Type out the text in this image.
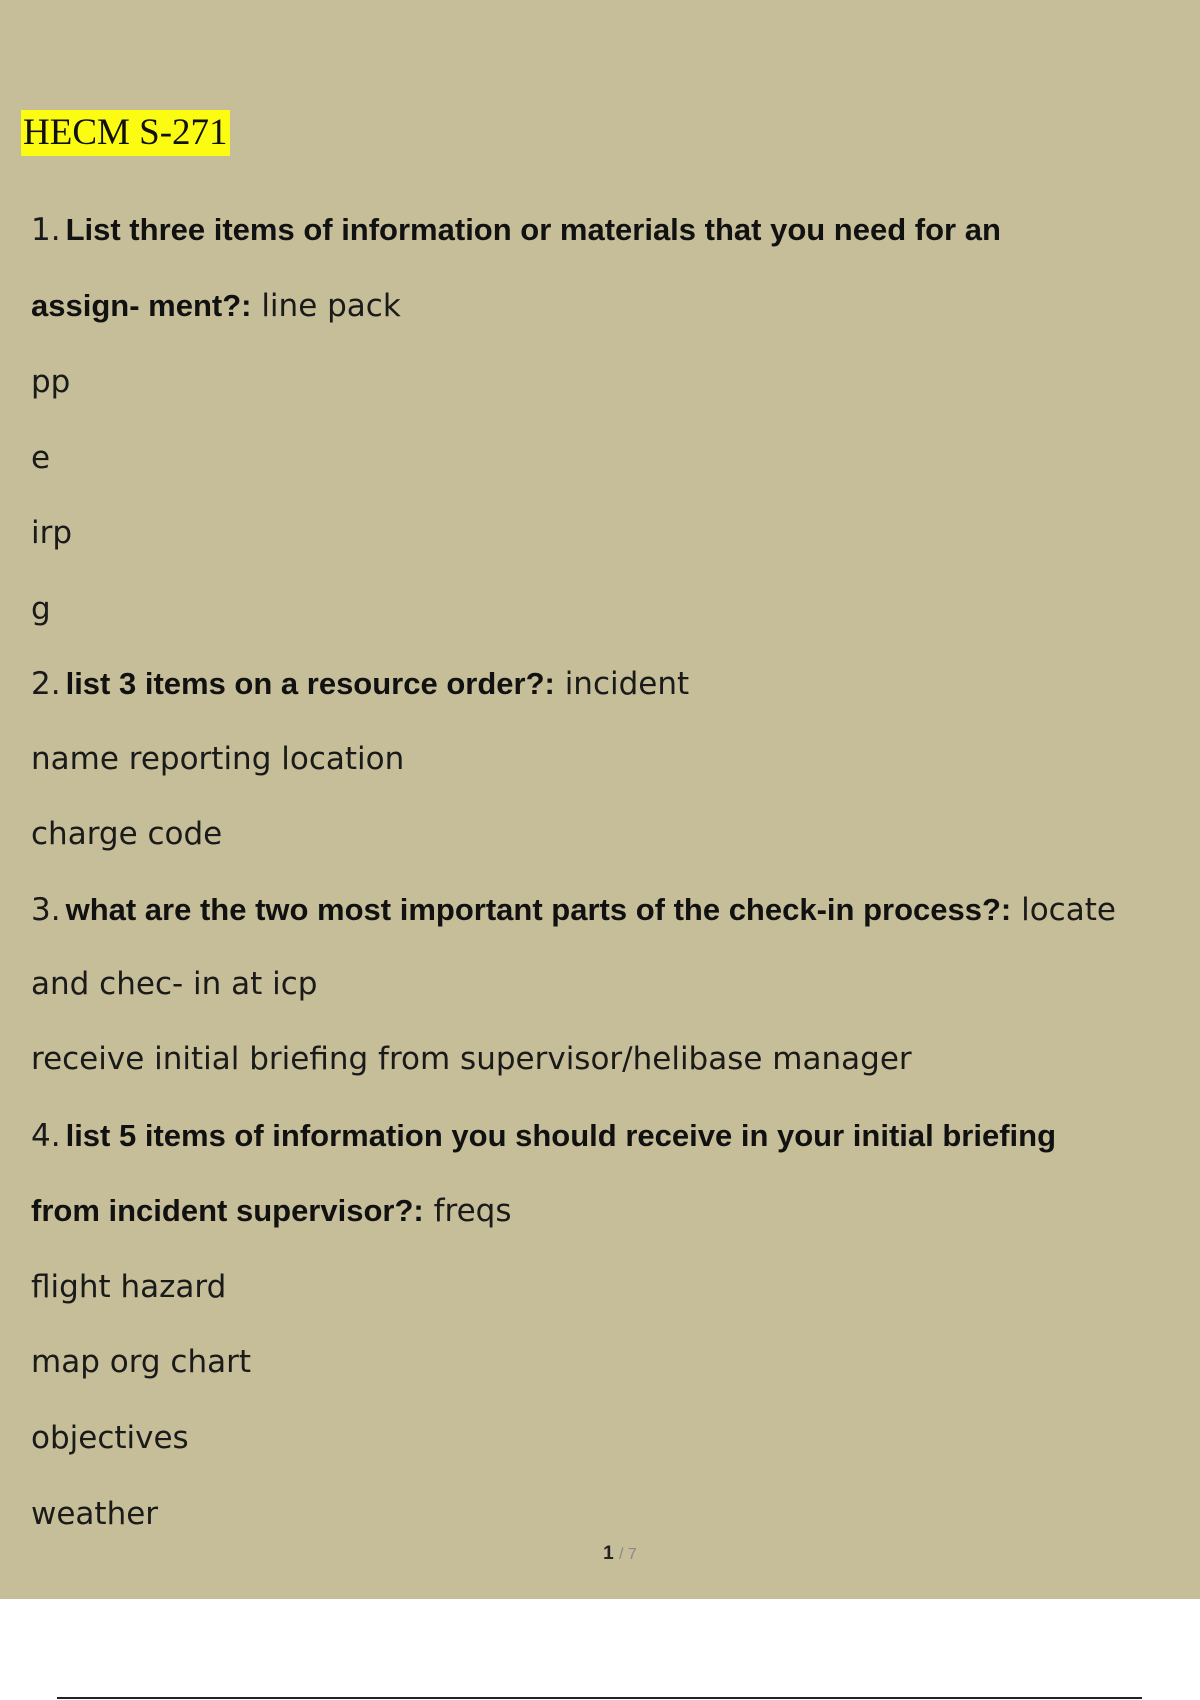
HECM S-271
1. List three items of information or materials that you need for an
assign- ment?: line pack
pp
e
irp
g
2. list 3 items on a resource order?: incident
name reporting location
charge code
3. what are the two most important parts of the check-in process?: locate
and chec- in at icp
receive initial briefing from supervisor/helibase manager
4. list 5 items of information you should receive in your initial briefing
from incident supervisor?: freqs
flight hazard
map org chart
objectives
weather
1 / 7
